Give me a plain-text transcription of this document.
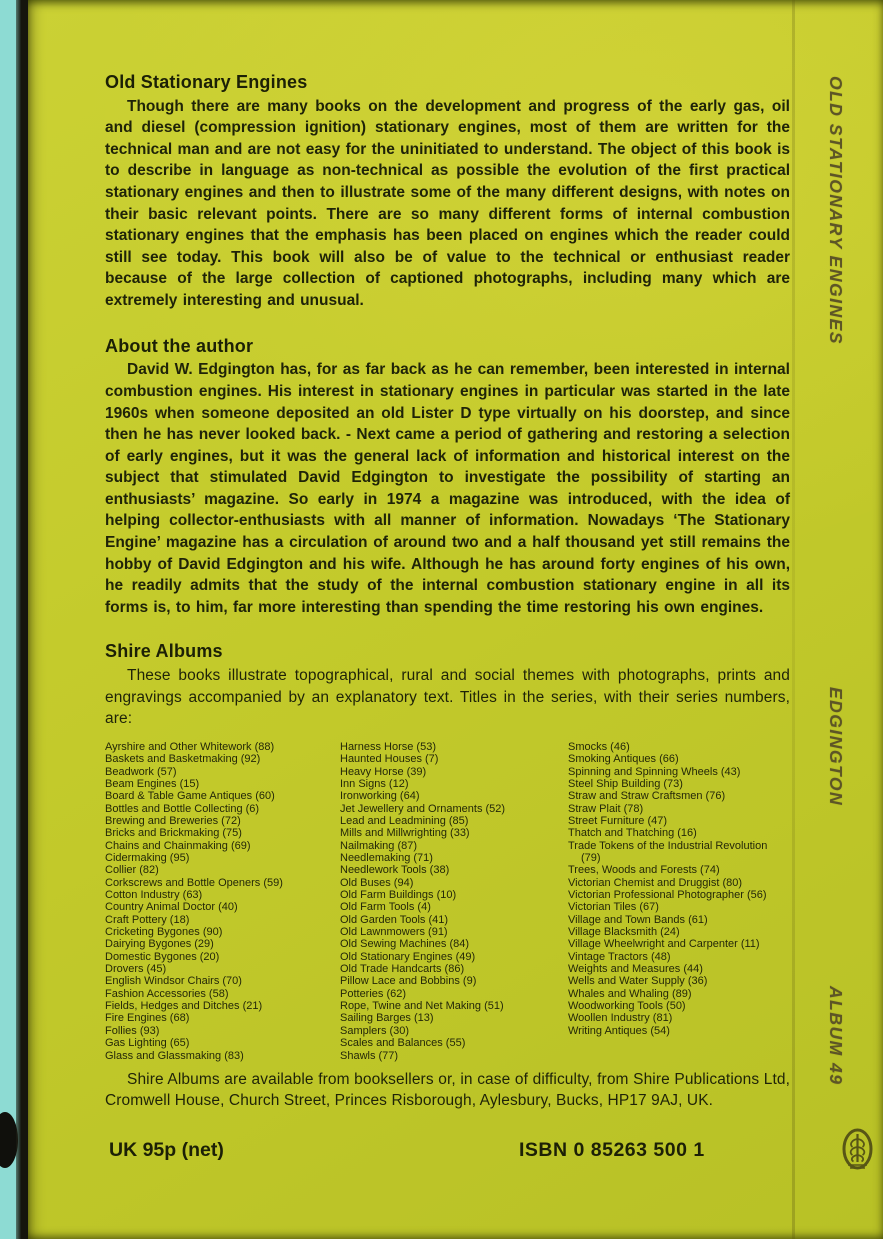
Old Stationary Engines

Though there are many books on the development and progress of the early gas, oil and diesel (compression ignition) stationary engines, most of them are written for the technical man and are not easy for the uninitiated to understand. The object of this book is to describe in language as non-technical as possible the evolution of the first practical stationary engines and then to illustrate some of the many different designs, with notes on their basic relevant points. There are so many different forms of internal combustion stationary engines that the emphasis has been placed on engines which the reader could still see today. This book will also be of value to the technical or enthusiast reader because of the large collection of captioned photographs, including many which are extremely interesting and unusual.

About the author

David W. Edgington has, for as far back as he can remember, been interested in internal combustion engines. His interest in stationary engines in particular was started in the late 1960s when someone deposited an old Lister D type virtually on his doorstep, and since then he has never looked back. - Next came a period of gathering and restoring a selection of early engines, but it was the general lack of information and historical interest on the subject that stimulated David Edgington to investigate the possibility of starting an enthusiasts’ magazine. So early in 1974 a magazine was introduced, with the idea of helping collector-enthusiasts with all manner of information. Nowadays ‘The Stationary Engine’ magazine has a circulation of around two and a half thousand yet still remains the hobby of David Edgington and his wife. Although he has around forty engines of his own, he readily admits that the study of the internal combustion stationary engine in all its forms is, to him, far more interesting than spending the time restoring his own engines.

Shire Albums

These books illustrate topographical, rural and social themes with photographs, prints and engravings accompanied by an explanatory text. Titles in the series, with their series numbers, are:

Ayrshire and Other Whitework (88)
Baskets and Basketmaking (92)
Beadwork (57)
Beam Engines (15)
Board & Table Game Antiques (60)
Bottles and Bottle Collecting (6)
Brewing and Breweries (72)
Bricks and Brickmaking (75)
Chains and Chainmaking (69)
Cidermaking (95)
Collier (82)
Corkscrews and Bottle Openers (59)
Cotton Industry (63)
Country Animal Doctor (40)
Craft Pottery (18)
Cricketing Bygones (90)
Dairying Bygones (29)
Domestic Bygones (20)
Drovers (45)
English Windsor Chairs (70)
Fashion Accessories (58)
Fields, Hedges and Ditches (21)
Fire Engines (68)
Follies (93)
Gas Lighting (65)
Glass and Glassmaking (83)
Harness Horse (53)
Haunted Houses (7)
Heavy Horse (39)
Inn Signs (12)
Ironworking (64)
Jet Jewellery and Ornaments (52)
Lead and Leadmining (85)
Mills and Millwrighting (33)
Nailmaking (87)
Needlemaking (71)
Needlework Tools (38)
Old Buses (94)
Old Farm Buildings (10)
Old Farm Tools (4)
Old Garden Tools (41)
Old Lawnmowers (91)
Old Sewing Machines (84)
Old Stationary Engines (49)
Old Trade Handcarts (86)
Pillow Lace and Bobbins (9)
Potteries (62)
Rope, Twine and Net Making (51)
Sailing Barges (13)
Samplers (30)
Scales and Balances (55)
Shawls (77)
Smocks (46)
Smoking Antiques (66)
Spinning and Spinning Wheels (43)
Steel Ship Building (73)
Straw and Straw Craftsmen (76)
Straw Plait (78)
Street Furniture (47)
Thatch and Thatching (16)
Trade Tokens of the Industrial Revolution (79)
Trees, Woods and Forests (74)
Victorian Chemist and Druggist (80)
Victorian Professional Photographer (56)
Victorian Tiles (67)
Village and Town Bands (61)
Village Blacksmith (24)
Village Wheelwright and Carpenter (11)
Vintage Tractors (48)
Weights and Measures (44)
Wells and Water Supply (36)
Whales and Whaling (89)
Woodworking Tools (50)
Woollen Industry (81)
Writing Antiques (54)

Shire Albums are available from booksellers or, in case of difficulty, from Shire Publications Ltd, Cromwell House, Church Street, Princes Risborough, Aylesbury, Bucks, HP17 9AJ, UK.

UK 95p (net)	ISBN 0 85263 500 1
OLD STATIONARY ENGINES
EDGINGTON
ALBUM 49
